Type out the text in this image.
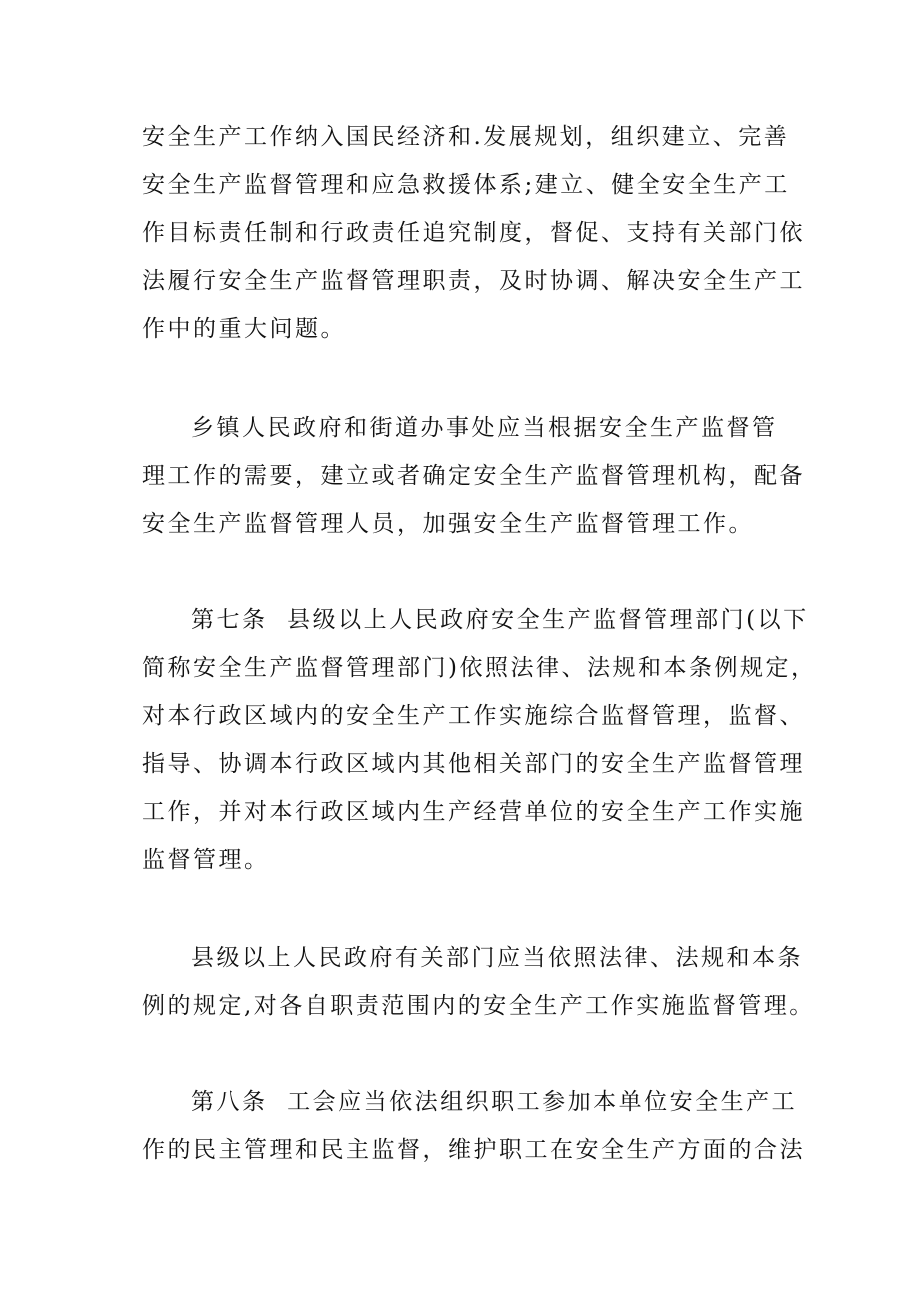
安全生产工作纳入国民经济和.发展规划，组织建立、完善
安全生产监督管理和应急救援体系;建立、健全安全生产工
作目标责任制和行政责任追究制度，督促、支持有关部门依
法履行安全生产监督管理职责，及时协调、解决安全生产工
作中的重大问题。

乡镇人民政府和街道办事处应当根据安全生产监督管
理工作的需要，建立或者确定安全生产监督管理机构，配备
安全生产监督管理人员，加强安全生产监督管理工作。

第七条  县级以上人民政府安全生产监督管理部门(以下
简称安全生产监督管理部门)依照法律、法规和本条例规定，
对本行政区域内的安全生产工作实施综合监督管理，监督、
指导、协调本行政区域内其他相关部门的安全生产监督管理
工作，并对本行政区域内生产经营单位的安全生产工作实施
监督管理。

县级以上人民政府有关部门应当依照法律、法规和本条
例的规定,对各自职责范围内的安全生产工作实施监督管理。

第八条  工会应当依法组织职工参加本单位安全生产工
作的民主管理和民主监督，维护职工在安全生产方面的合法
